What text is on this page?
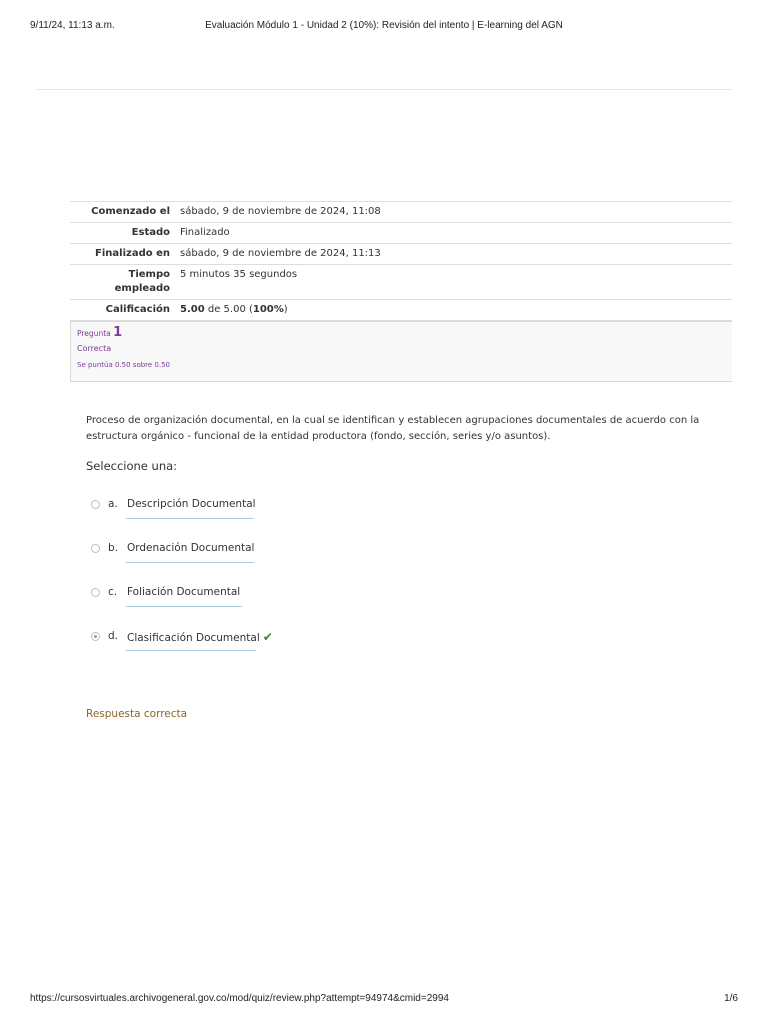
9/11/24, 11:13 a.m.	Evaluación Módulo 1 - Unidad 2 (10%): Revisión del intento | E-learning del AGN
Comenzado el	sábado, 9 de noviembre de 2024, 11:08
Estado	Finalizado
Finalizado en	sábado, 9 de noviembre de 2024, 11:13
Tiempo
empleado	5 minutos 35 segundos
Calificación	5.00 de 5.00 (100%)
Pregunta 1
Correcta
Se puntúa 0.50 sobre 0.50
Proceso de organización documental, en la cual se identifican y establecen agrupaciones documentales de acuerdo con la estructura orgánico - funcional de la entidad productora (fondo, sección, series y/o asuntos).
Seleccione una:
a. Descripción Documental
b. Ordenación Documental
c. Foliación Documental
d. Clasificación Documental ✔
Respuesta correcta
https://cursosvirtuales.archivogeneral.gov.co/mod/quiz/review.php?attempt=94974&cmid=2994	1/6
